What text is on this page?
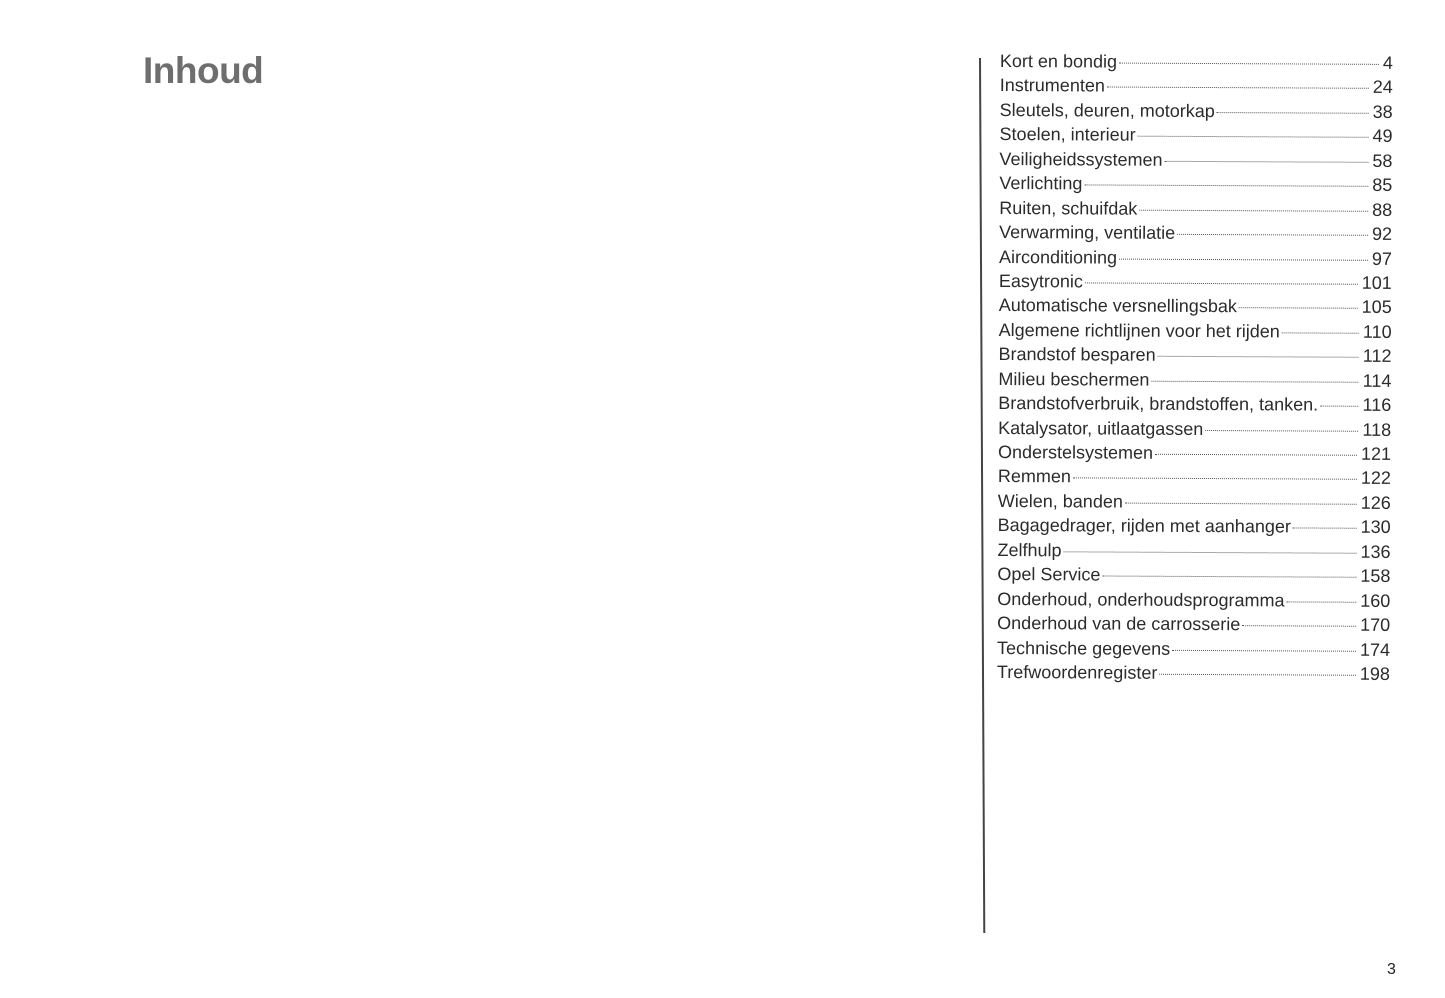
Inhoud	Kort en bondig	4
Instrumenten	24
Sleutels, deuren, motorkap	38
Stoelen, interieur	49
Veiligheidssystemen	58
Verlichting	85
Ruiten, schuifdak	88
Verwarming, ventilatie	92
Airconditioning	97
Easytronic	101
Automatische versnellingsbak	105
Algemene richtlijnen voor het rijden	110
Brandstof besparen	112
Milieu beschermen	114
Brandstofverbruik, brandstoffen, tanken. 116
Katalysator, uitlaatgassen	118
Onderstelsystemen	121
Remmen	122
Wielen, banden	126
Bagagedrager, rijden met aanhanger	130
Zelfhulp	136
Opel Service	158
Onderhoud, onderhoudsprogramma	160
Onderhoud van de carrosserie	170
Technische gegevens	174
Trefwoordenregister	198
3
